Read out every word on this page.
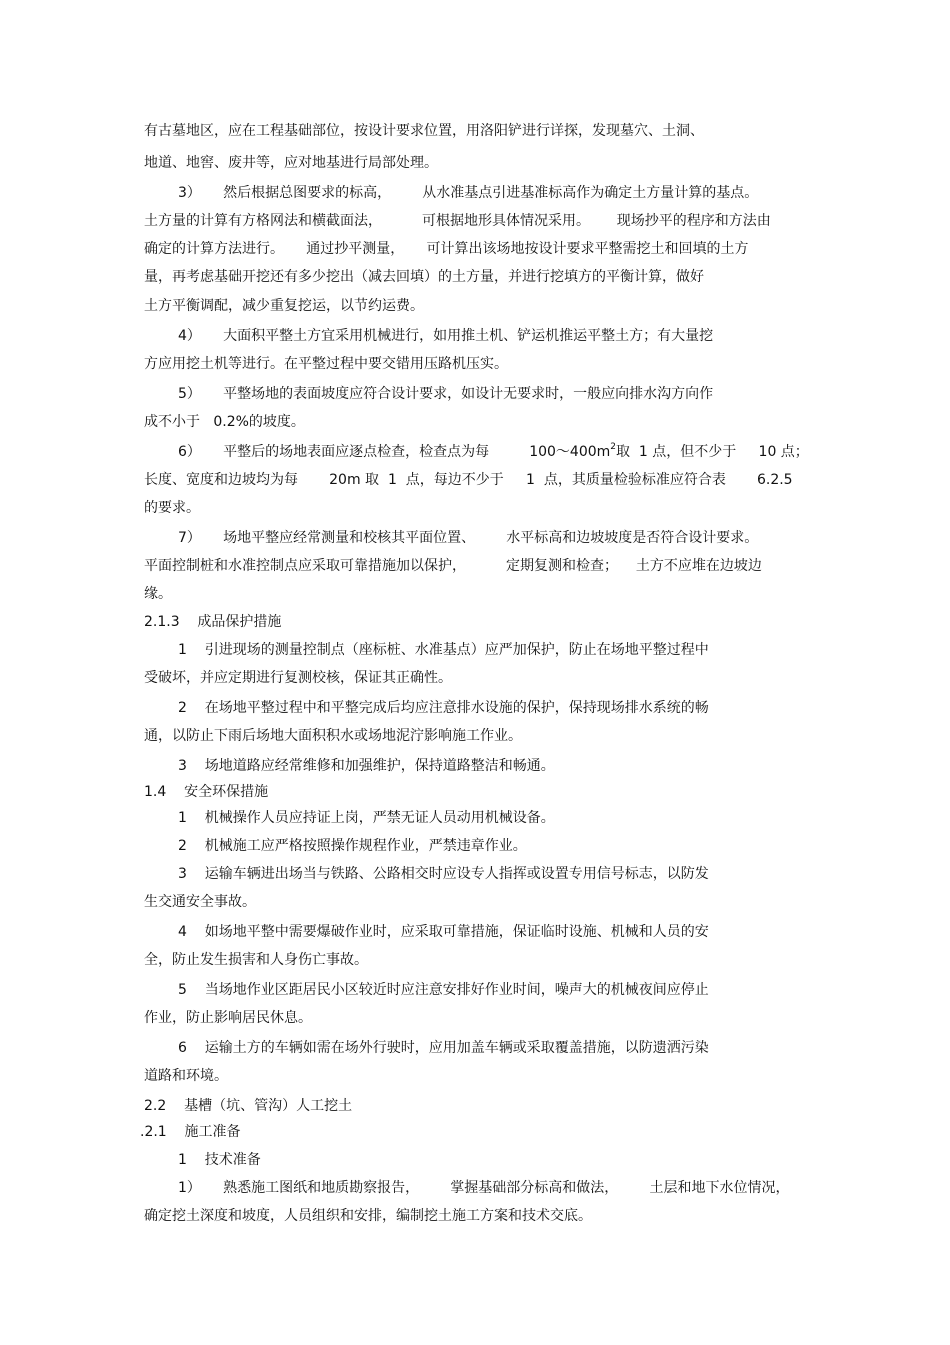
有古墓地区，应在工程基础部位，按设计要求位置，用洛阳铲进行详探，发现墓穴、土洞、
地道、地窖、废井等，应对地基进行局部处理。
3）     然后根据总图要求的标高，       从水准基点引进基准标高作为确定土方量计算的基点。
土方量的计算有方格网法和横截面法，         可根据地形具体情况采用。      现场抄平的程序和方法由
确定的计算方法进行。     通过抄平测量，     可计算出该场地按设计要求平整需挖土和回填的土方
量，再考虑基础开挖还有多少挖出（减去回填）的土方量，并进行挖填方的平衡计算，做好
土方平衡调配，减少重复挖运，以节约运费。
4）     大面积平整土方宜采用机械进行，如用推土机、铲运机推运平整土方；有大量挖
方应用挖土机等进行。在平整过程中要交错用压路机压实。
5）     平整场地的表面坡度应符合设计要求，如设计无要求时，一般应向排水沟方向作
成不小于   0.2%的坡度。
6）     平整后的场地表面应逐点检查，检查点为每         $100\sim 400m^2$取  1 点，但不少于     10 点；
长度、宽度和边坡均为每       20m 取  1  点，每边不少于     1  点，其质量检验标准应符合表       6.2.5
的要求。
7）     场地平整应经常测量和校核其平面位置、       水平标高和边坡坡度是否符合设计要求。
平面控制桩和水准控制点应采取可靠措施加以保护，         定期复测和检查；    土方不应堆在边坡边
缘。
2.1.3    成品保护措施
1    引进现场的测量控制点（座标桩、水准基点）应严加保护，防止在场地平整过程中
受破坏，并应定期进行复测校核，保证其正确性。
2    在场地平整过程中和平整完成后均应注意排水设施的保护，保持现场排水系统的畅
通，以防止下雨后场地大面积积水或场地泥泞影响施工作业。
3    场地道路应经常维修和加强维护，保持道路整洁和畅通。
1.4    安全环保措施
1    机械操作人员应持证上岗，严禁无证人员动用机械设备。
2    机械施工应严格按照操作规程作业，严禁违章作业。
3    运输车辆进出场当与铁路、公路相交时应设专人指挥或设置专用信号标志，以防发
生交通安全事故。
4    如场地平整中需要爆破作业时，应采取可靠措施，保证临时设施、机械和人员的安
全，防止发生损害和人身伤亡事故。
5    当场地作业区距居民小区较近时应注意安排好作业时间，噪声大的机械夜间应停止
作业，防止影响居民休息。
6    运输土方的车辆如需在场外行驶时，应用加盖车辆或采取覆盖措施，以防遗洒污染
道路和环境。
2.2    基槽（坑、管沟）人工挖土
.2.1    施工准备
1    技术准备
1）     熟悉施工图纸和地质勘察报告，       掌握基础部分标高和做法，       土层和地下水位情况，
确定挖土深度和坡度，人员组织和安排，编制挖土施工方案和技术交底。
